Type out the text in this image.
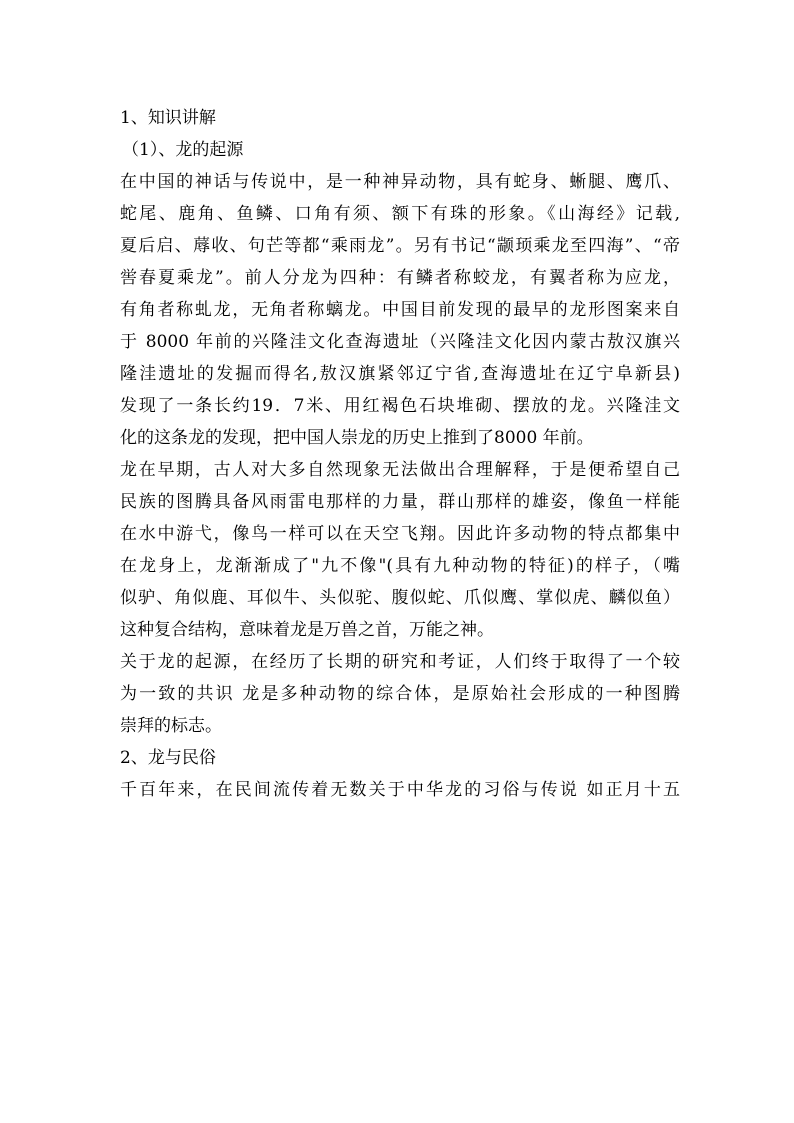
1、知识讲解
（1）、龙的起源
在中国的神话与传说中，是一种神异动物，具有蛇身、蜥腿、鹰爪、
蛇尾、鹿角、鱼鳞、口角有须、额下有珠的形象。《山海经》记载,
夏后启、蓐收、句芒等都“乘雨龙”。另有书记“颛顼乘龙至四海”、“帝
喾春夏乘龙”。前人分龙为四种：有鳞者称蛟龙，有翼者称为应龙，
有角者称虬龙，无角者称螭龙。中国目前发现的最早的龙形图案来自
于 8000 年前的兴隆洼文化查海遗址（兴隆洼文化因内蒙古敖汉旗兴
隆洼遗址的发掘而得名,敖汉旗紧邻辽宁省,查海遗址在辽宁阜新县)
发现了一条长约19．7米、用红褐色石块堆砌、摆放的龙。兴隆洼文
化的这条龙的发现，把中国人崇龙的历史上推到了8000 年前。
龙在早期，古人对大多自然现象无法做出合理解释，于是便希望自己
民族的图腾具备风雨雷电那样的力量，群山那样的雄姿，像鱼一样能
在水中游弋，像鸟一样可以在天空飞翔。因此许多动物的特点都集中
在龙身上，龙渐渐成了"九不像"(具有九种动物的特征)的样子，（嘴
似驴、角似鹿、耳似牛、头似驼、腹似蛇、爪似鹰、掌似虎、麟似鱼）
这种复合结构，意味着龙是万兽之首，万能之神。
关于龙的起源，在经历了长期的研究和考证，人们终于取得了一个较
为一致的共识 龙是多种动物的综合体，是原始社会形成的一种图腾
崇拜的标志。
2、龙与民俗
千百年来，在民间流传着无数关于中华龙的习俗与传说 如正月十五
